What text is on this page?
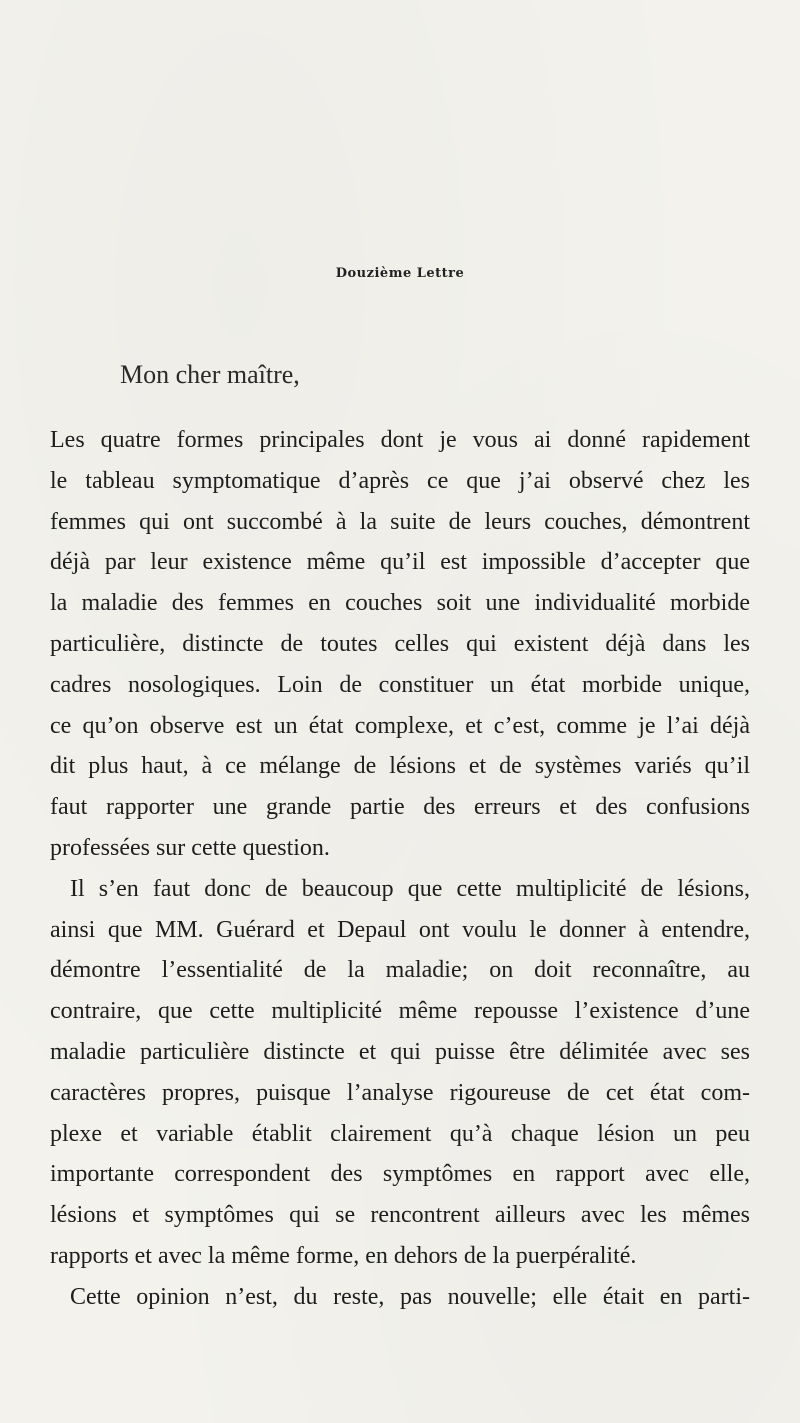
Douzième Lettre
Mon cher maître,
Les quatre formes principales dont je vous ai donné rapidement
le tableau symptomatique d’après ce que j’ai observé chez les
femmes qui ont succombé à la suite de leurs couches, démontrent
déjà par leur existence même qu’il est impossible d’accepter que
la maladie des femmes en couches soit une individualité morbide
particulière, distincte de toutes celles qui existent déjà dans les
cadres nosologiques. Loin de constituer un état morbide unique,
ce qu’on observe est un état complexe, et c’est, comme je l’ai déjà
dit plus haut, à ce mélange de lésions et de systèmes variés qu’il
faut rapporter une grande partie des erreurs et des confusions
professées sur cette question.
Il s’en faut donc de beaucoup que cette multiplicité de lésions,
ainsi que MM. Guérard et Depaul ont voulu le donner à entendre,
démontre l’essentialité de la maladie; on doit reconnaître, au
contraire, que cette multiplicité même repousse l’existence d’une
maladie particulière distincte et qui puisse être délimitée avec ses
caractères propres, puisque l’analyse rigoureuse de cet état com-
plexe et variable établit clairement qu’à chaque lésion un peu
importante correspondent des symptômes en rapport avec elle,
lésions et symptômes qui se rencontrent ailleurs avec les mêmes
rapports et avec la même forme, en dehors de la puerpéralité.
Cette opinion n’est, du reste, pas nouvelle; elle était en parti-
